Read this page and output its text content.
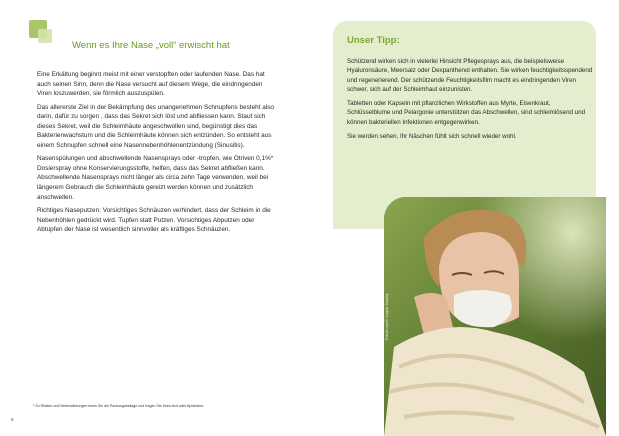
Wenn es Ihre Nase „voll“ erwischt hat

Eine Erkältung beginnt meist mit einer verstopften oder laufenden Nase. Das hat auch seinen Sinn, denn die Nase versucht auf diesem Wege, die eindringenden Viren loszuwerden, sie förmlich auszuspülen.

Das allererste Ziel in der Bekämpfung des unangenehmen Schnupfens besteht also darin, dafür zu sorgen , dass das Sekret sich löst und abfliessen kann. Staut sich dieses Sekret, weil die Schleimhäute angeschwollen sind, begünstigt dies das Bakterienwachstum und die Schleimhäute können sich entzünden. So entsteht aus einem Schnupfen schnell eine Nasennebenhöhlenentzündung (Sinusitis).

Nasenspülungen und abschwellende Nasensprays oder -tropfen, wie Otriven 0,1%* Dosierspray ohne Konservierungsstoffe, helfen, dass das Sekret abfließen kann. Abschwellende Nasensprays nicht länger als circa zehn Tage verwenden, weil bei längerem Gebrauch die Schleimhäute gereizt werden können und zusätzlich anschwellen.

Richtiges Naseputzen: Vorsichtiges Schnäuzen verhindert, dass der Schleim in die Nebenhöhlen gedrückt wird. Tupfen statt Putzen. Vorsichtiges Abputzen oder Abtupfen der Nase ist wesentlich sinnvoller als kräftiges Schnäuzen.

* Zu Risiken und Nebenwirkungen lesen Sie die Packungsbeilage und fragen Sie Ihren Arzt oder Apotheker.
8
Unser Tipp:

Schützend wirken sich in vielerlei Hinsicht Pflegesprays aus, die beispielsweise Hyaluronsäure, Meersalz oder Dexpanthenol enthalten. Sie wirken feuchtigkeitsspendend und regenerierend. Der schützende Feuchtigkeitsfilm macht es eindringenden Viren schwer, sich auf der Schleimhaut einzunisten.

Tabletten oder Kapseln mit pflanzlichen Wirkstoffen aus Myrte, Eisenkraut, Schlüsselblume und Pelargonie unterstützen das Abschwellen, sind schleimlösend und können bakteriellen Infektionen entgegenwirken.

Sie werden sehen, Ihr Näschen fühlt sich schnell wieder wohl.

Fotolia.com/© Angela Jhajaby
9
